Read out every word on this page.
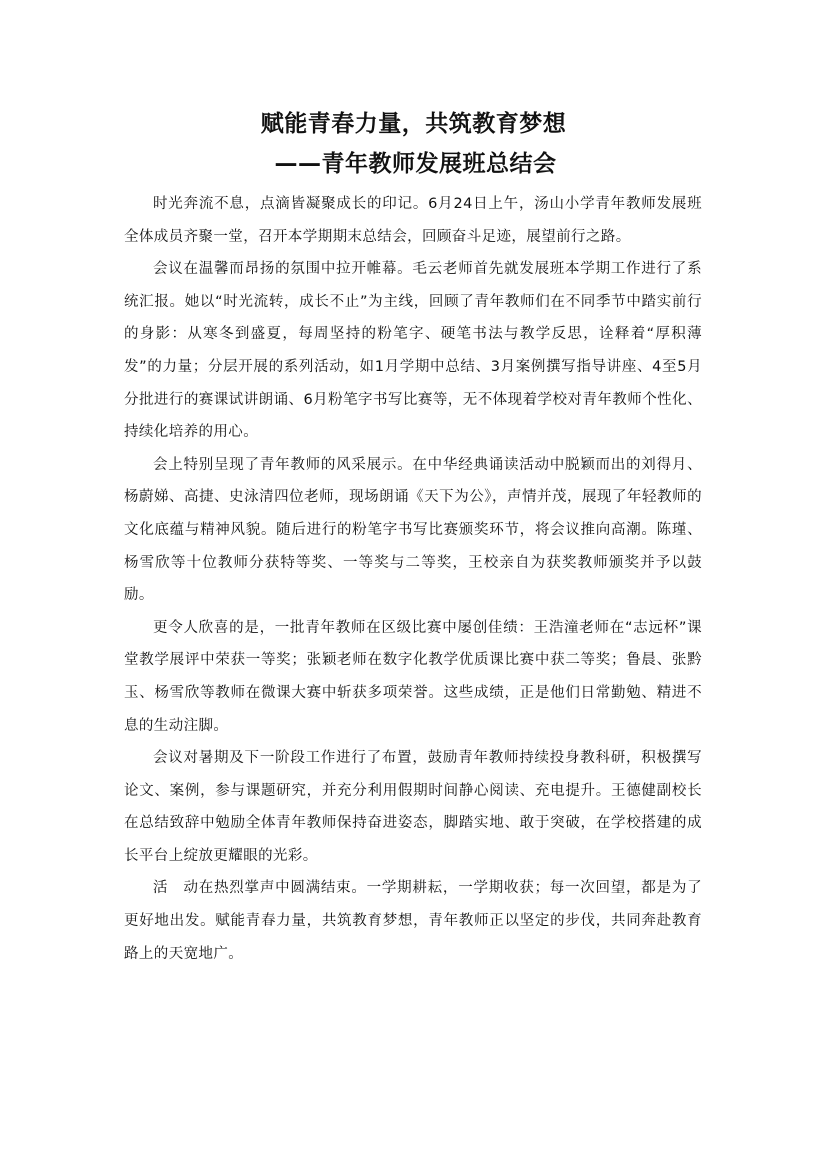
赋能青春力量，共筑教育梦想
——青年教师发展班总结会

时光奔流不息，点滴皆凝聚成长的印记。6月24日上午，汤山小学青年教师发展班全体成员齐聚一堂，召开本学期期末总结会，回顾奋斗足迹，展望前行之路。

会议在温馨而昂扬的氛围中拉开帷幕。毛云老师首先就发展班本学期工作进行了系统汇报。她以“时光流转，成长不止”为主线，回顾了青年教师们在不同季节中踏实前行的身影：从寒冬到盛夏，每周坚持的粉笔字、硬笔书法与教学反思，诠释着“厚积薄发”的力量；分层开展的系列活动，如1月学期中总结、3月案例撰写指导讲座、4至5月分批进行的赛课试讲朗诵、6月粉笔字书写比赛等，无不体现着学校对青年教师个性化、持续化培养的用心。

会上特别呈现了青年教师的风采展示。在中华经典诵读活动中脱颖而出的刘得月、杨蔚娣、高捷、史泳清四位老师，现场朗诵《天下为公》，声情并茂，展现了年轻教师的文化底蕴与精神风貌。随后进行的粉笔字书写比赛颁奖环节，将会议推向高潮。陈瑾、杨雪欣等十位教师分获特等奖、一等奖与二等奖，王校亲自为获奖教师颁奖并予以鼓励。

更令人欣喜的是，一批青年教师在区级比赛中屡创佳绩：王浩潼老师在“志远杯”课堂教学展评中荣获一等奖；张颖老师在数字化教学优质课比赛中获二等奖；鲁晨、张黔玉、杨雪欣等教师在微课大赛中斩获多项荣誉。这些成绩，正是他们日常勤勉、精进不息的生动注脚。

会议对暑期及下一阶段工作进行了布置，鼓励青年教师持续投身教科研，积极撰写论文、案例，参与课题研究，并充分利用假期时间静心阅读、充电提升。王德健副校长在总结致辞中勉励全体青年教师保持奋进姿态，脚踏实地、敢于突破，在学校搭建的成长平台上绽放更耀眼的光彩。

活　动在热烈掌声中圆满结束。一学期耕耘，一学期收获；每一次回望，都是为了更好地出发。赋能青春力量，共筑教育梦想，青年教师正以坚定的步伐，共同奔赴教育路上的天宽地广。
